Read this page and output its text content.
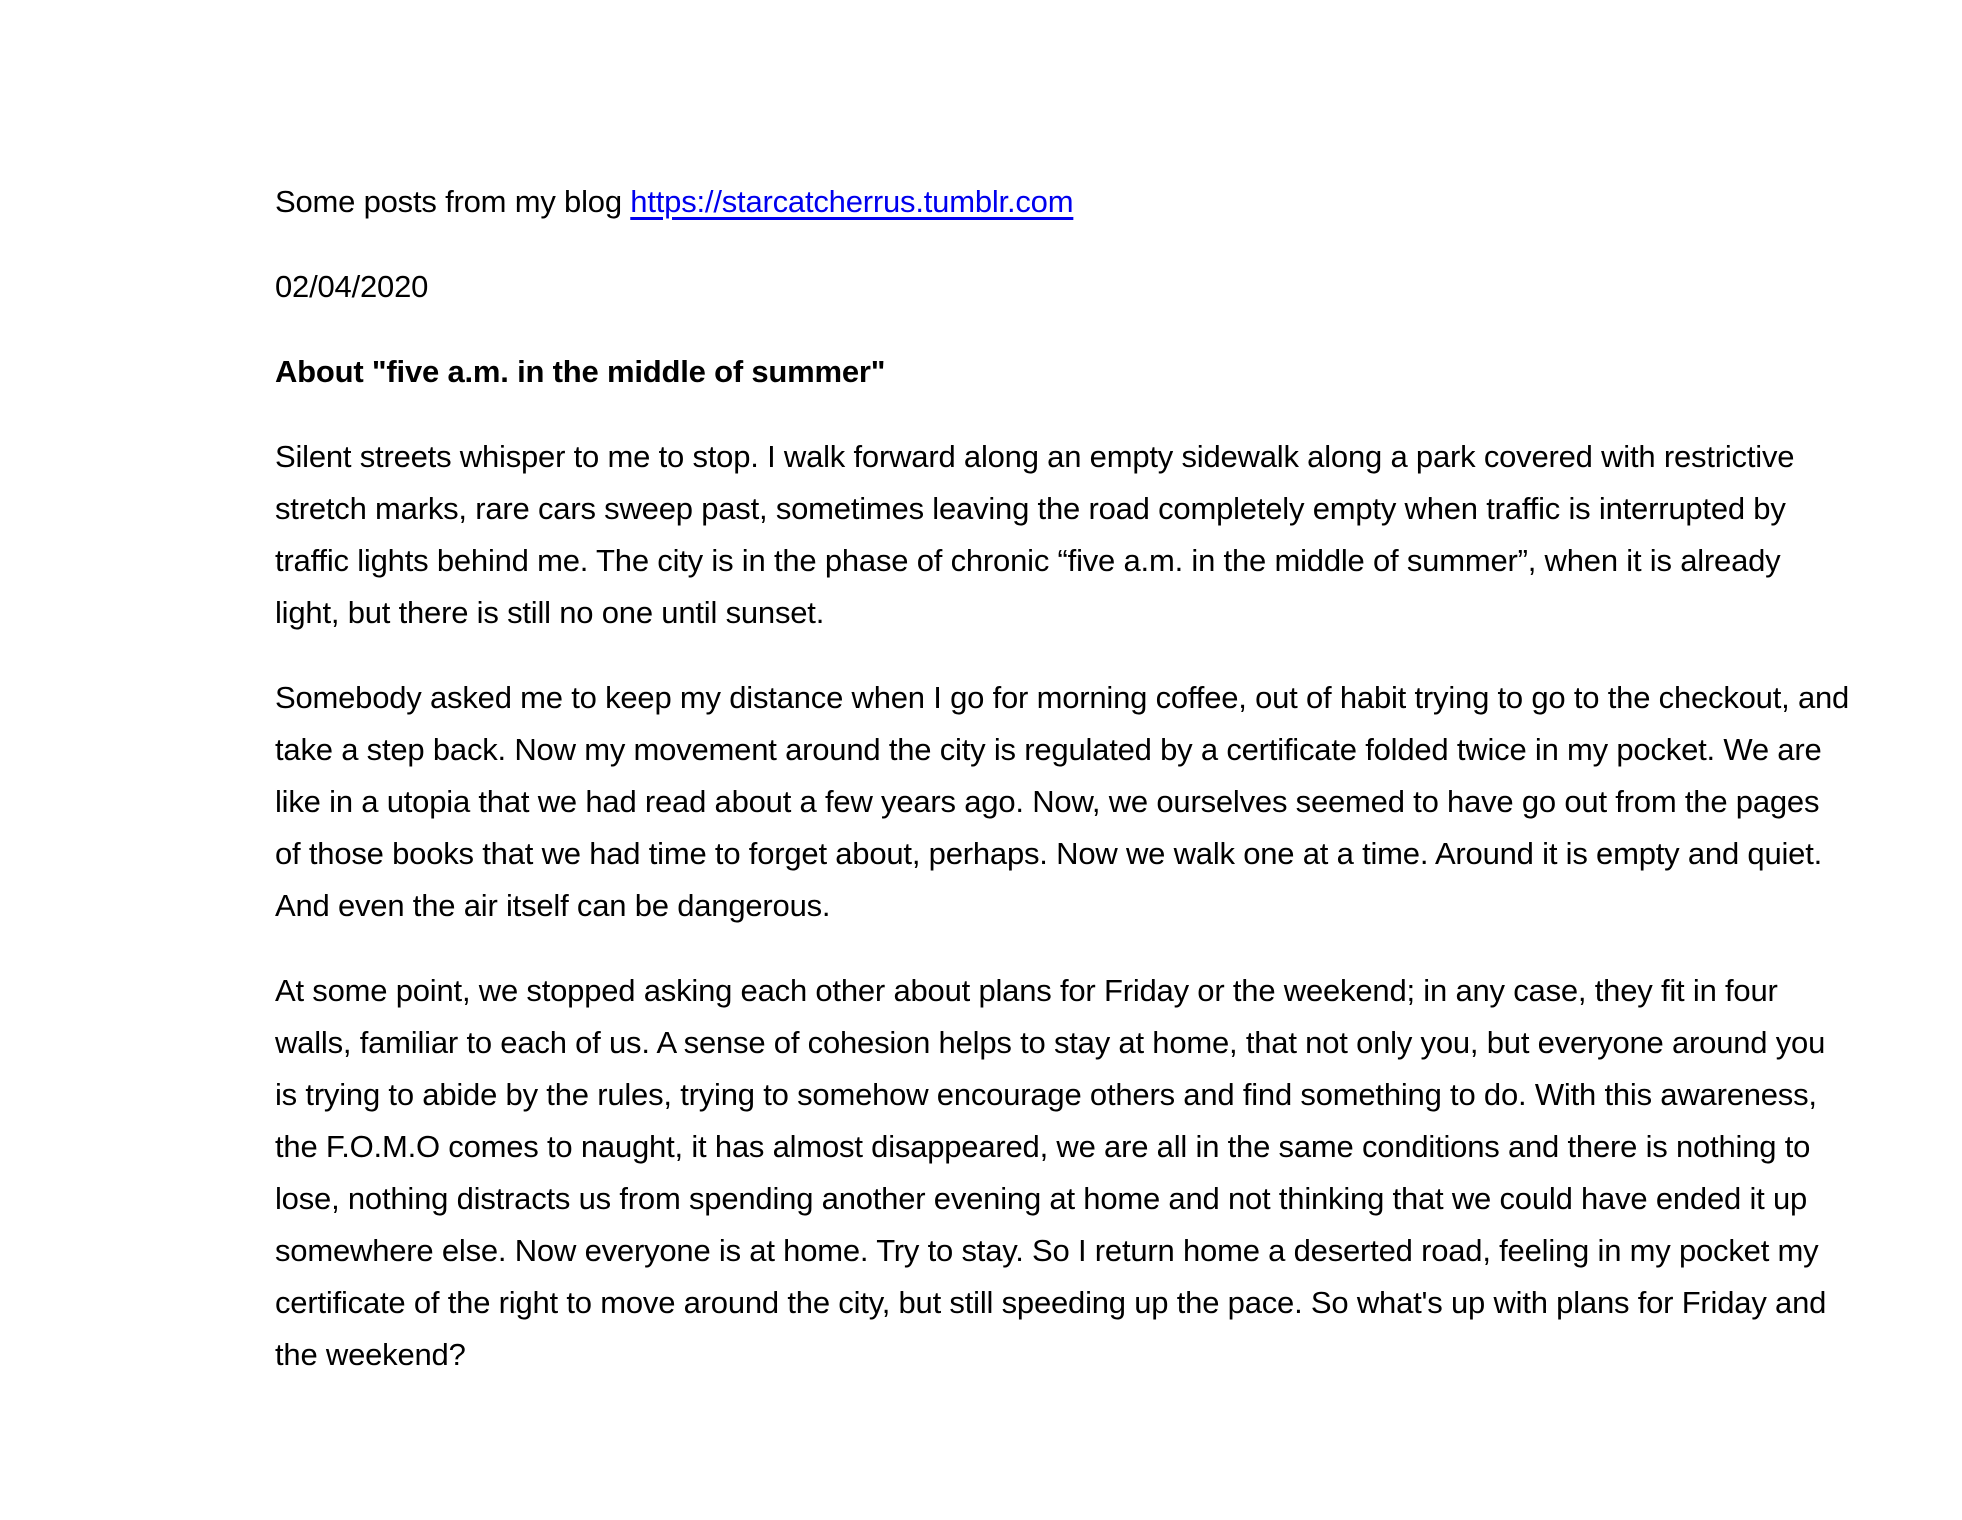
Some posts from my blog https://starcatcherrus.tumblr.com

02/04/2020

About "five a.m. in the middle of summer"

Silent streets whisper to me to stop. I walk forward along an empty sidewalk along a park covered with restrictive stretch marks, rare cars sweep past, sometimes leaving the road completely empty when traffic is interrupted by traffic lights behind me. The city is in the phase of chronic “five a.m. in the middle of summer”, when it is already light, but there is still no one until sunset.

Somebody asked me to keep my distance when I go for morning coffee, out of habit trying to go to the checkout, and take a step back. Now my movement around the city is regulated by a certificate folded twice in my pocket. We are like in a utopia that we had read about a few years ago. Now, we ourselves seemed to have go out from the pages of those books that we had time to forget about, perhaps. Now we walk one at a time. Around it is empty and quiet. And even the air itself can be dangerous.

At some point, we stopped asking each other about plans for Friday or the weekend; in any case, they fit in four walls, familiar to each of us. A sense of cohesion helps to stay at home, that not only you, but everyone around you is trying to abide by the rules, trying to somehow encourage others and find something to do. With this awareness, the F.O.M.O comes to naught, it has almost disappeared, we are all in the same conditions and there is nothing to lose, nothing distracts us from spending another evening at home and not thinking that we could have ended it up somewhere else. Now everyone is at home. Try to stay. So I return home a deserted road, feeling in my pocket my certificate of the right to move around the city, but still speeding up the pace. So what's up with plans for Friday and the weekend?
